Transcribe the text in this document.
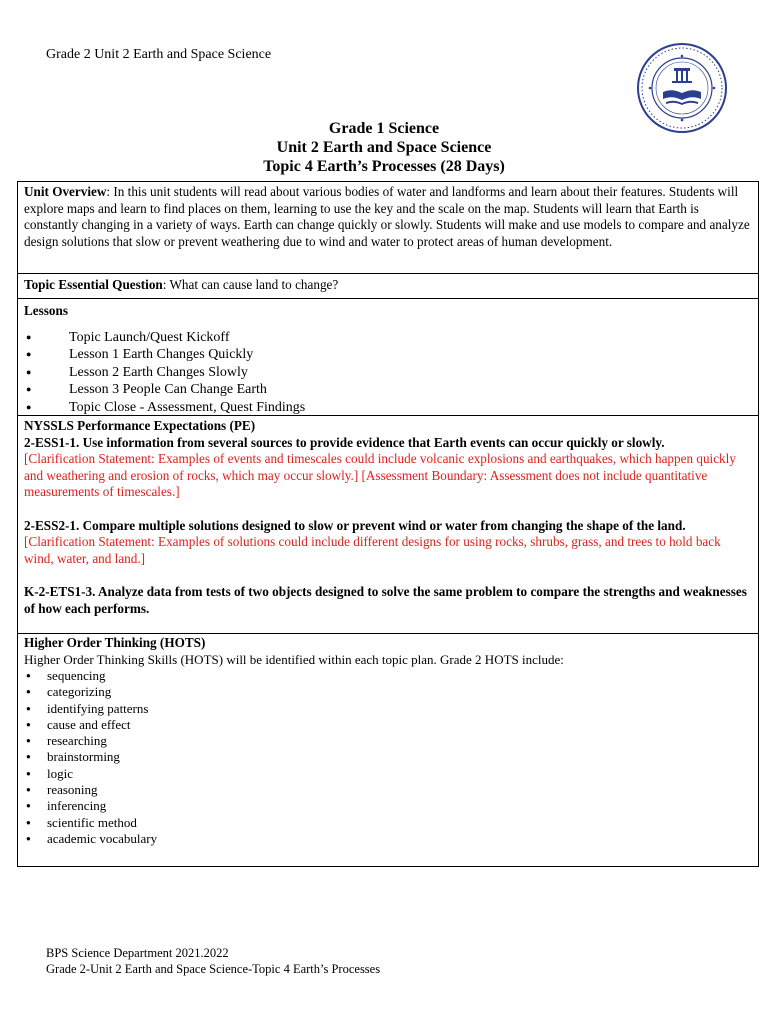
Grade 2 Unit 2 Earth and Space Science
Grade 1 Science
Unit 2 Earth and Space Science
Topic 4 Earth’s Processes (28 Days)

Unit Overview: In this unit students will read about various bodies of water and landforms and learn about their features. Students will explore maps and learn to find places on them, learning to use the key and the scale on the map. Students will learn that Earth is constantly changing in a variety of ways. Earth can change quickly or slowly. Students will make and use models to compare and analyze design solutions that slow or prevent weathering due to wind and water to protect areas of human development.

Topic Essential Question: What can cause land to change?
Lessons
● Topic Launch/Quest Kickoff
● Lesson 1 Earth Changes Quickly
● Lesson 2 Earth Changes Slowly
● Lesson 3 People Can Change Earth
● Topic Close - Assessment, Quest Findings
NYSSLS Performance Expectations (PE)

2-ESS1-1. Use information from several sources to provide evidence that Earth events can occur quickly or slowly.

[Clarification Statement: Examples of events and timescales could include volcanic explosions and earthquakes, which happen quickly and weathering and erosion of rocks, which may occur slowly.] [Assessment Boundary: Assessment does not include quantitative measurements of timescales.]

2-ESS2-1. Compare multiple solutions designed to slow or prevent wind or water from changing the shape of the land.

[Clarification Statement: Examples of solutions could include different designs for using rocks, shrubs, grass, and trees to hold back wind, water, and land.]

K-2-ETS1-3. Analyze data from tests of two objects designed to solve the same problem to compare the strengths and weaknesses of how each performs.

Higher Order Thinking (HOTS)
Higher Order Thinking Skills (HOTS) will be identified within each topic plan. Grade 2 HOTS include:
● sequencing
● categorizing
● identifying patterns
● cause and effect
● researching
● brainstorming
● logic
● reasoning
● inferencing
● scientific method
● academic vocabulary
BPS Science Department 2021.2022
Grade 2-Unit 2 Earth and Space Science-Topic 4 Earth’s Processes
